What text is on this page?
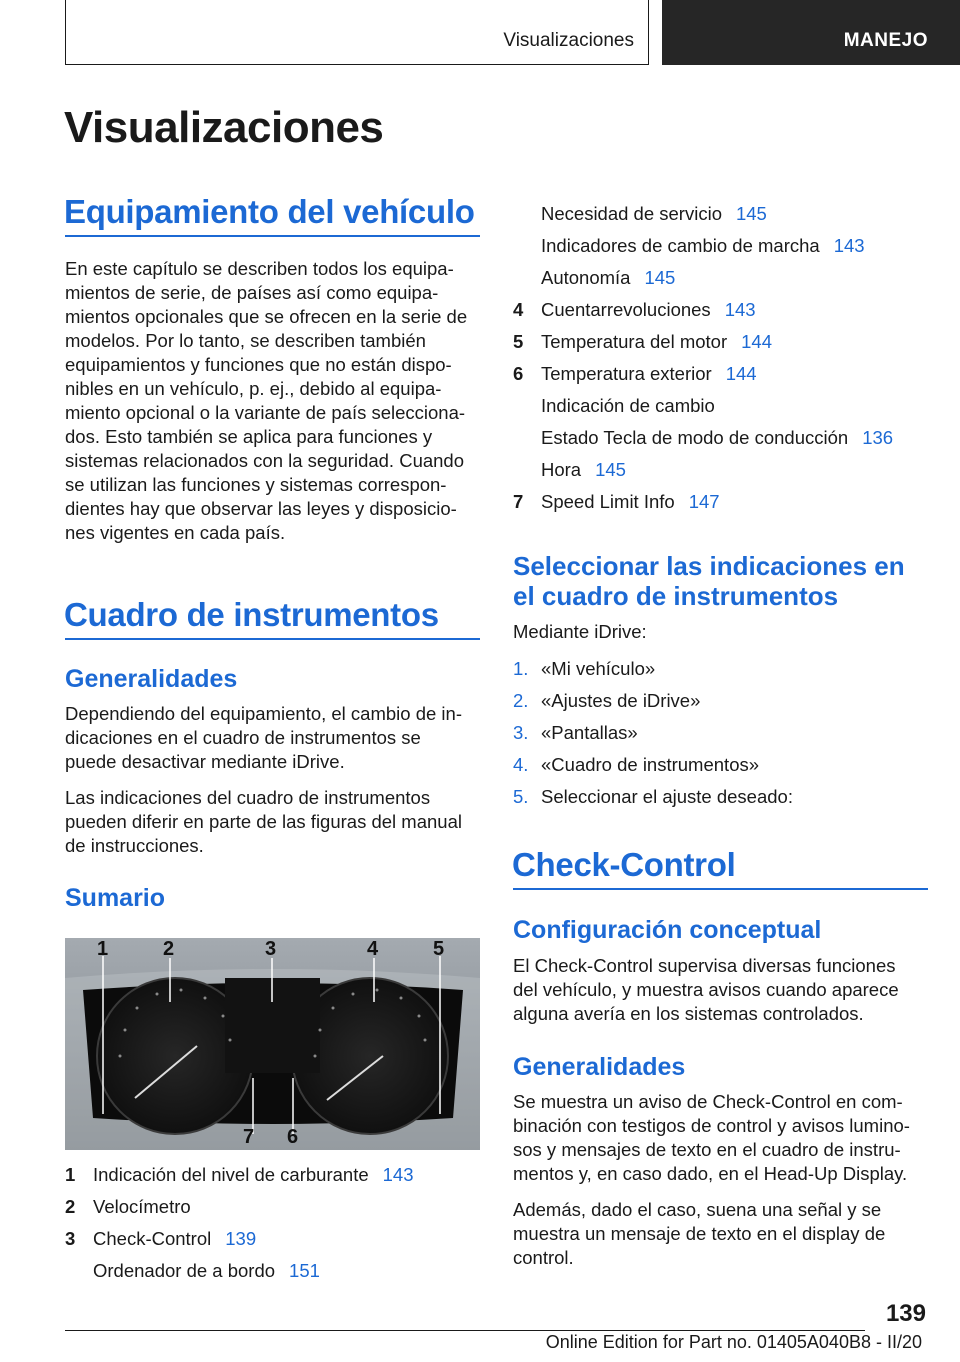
Visualizaciones	MANEJO
Visualizaciones
Equipamiento del vehículo
En este capítulo se describen todos los equipa-
mientos de serie, de países así como equipa-
mientos opcionales que se ofrecen en la serie de
modelos. Por lo tanto, se describen también
equipamientos y funciones que no están dispo-
nibles en un vehículo, p. ej., debido al equipa-
miento opcional o la variante de país selecciona-
dos. Esto también se aplica para funciones y
sistemas relacionados con la seguridad. Cuando
se utilizan las funciones y sistemas correspon-
dientes hay que observar las leyes y disposicio-
nes vigentes en cada país.
Cuadro de instrumentos
Generalidades
Dependiendo del equipamiento, el cambio de in-
dicaciones en el cuadro de instrumentos se
puede desactivar mediante iDrive.
Las indicaciones del cuadro de instrumentos
pueden diferir en parte de las figuras del manual
de instrucciones.
Sumario
1	2	3	4	5
7 6
1 Indicación del nivel de carburante 143
2 Velocímetro
3 Check-Control 139
Ordenador de a bordo 151
Necesidad de servicio 145
Indicadores de cambio de marcha 143
Autonomía 145
4 Cuentarrevoluciones 143
5 Temperatura del motor 144
6 Temperatura exterior 144
Indicación de cambio
Estado Tecla de modo de conducción 136
Hora 145
7 Speed Limit Info 147
Seleccionar las indicaciones en
el cuadro de instrumentos
Mediante iDrive:
1. «Mi vehículo»
2. «Ajustes de iDrive»
3. «Pantallas»
4. «Cuadro de instrumentos»
5. Seleccionar el ajuste deseado:
Check-Control
Configuración conceptual
El Check-Control supervisa diversas funciones
del vehículo, y muestra avisos cuando aparece
alguna avería en los sistemas controlados.
Generalidades
Se muestra un aviso de Check-Control en com-
binación con testigos de control y avisos lumino-
sos y mensajes de texto en el cuadro de instru-
mentos y, en caso dado, en el Head-Up Display.
Además, dado el caso, suena una señal y se
muestra un mensaje de texto en el display de
control.
139
Online Edition for Part no. 01405A040B8 - II/20
